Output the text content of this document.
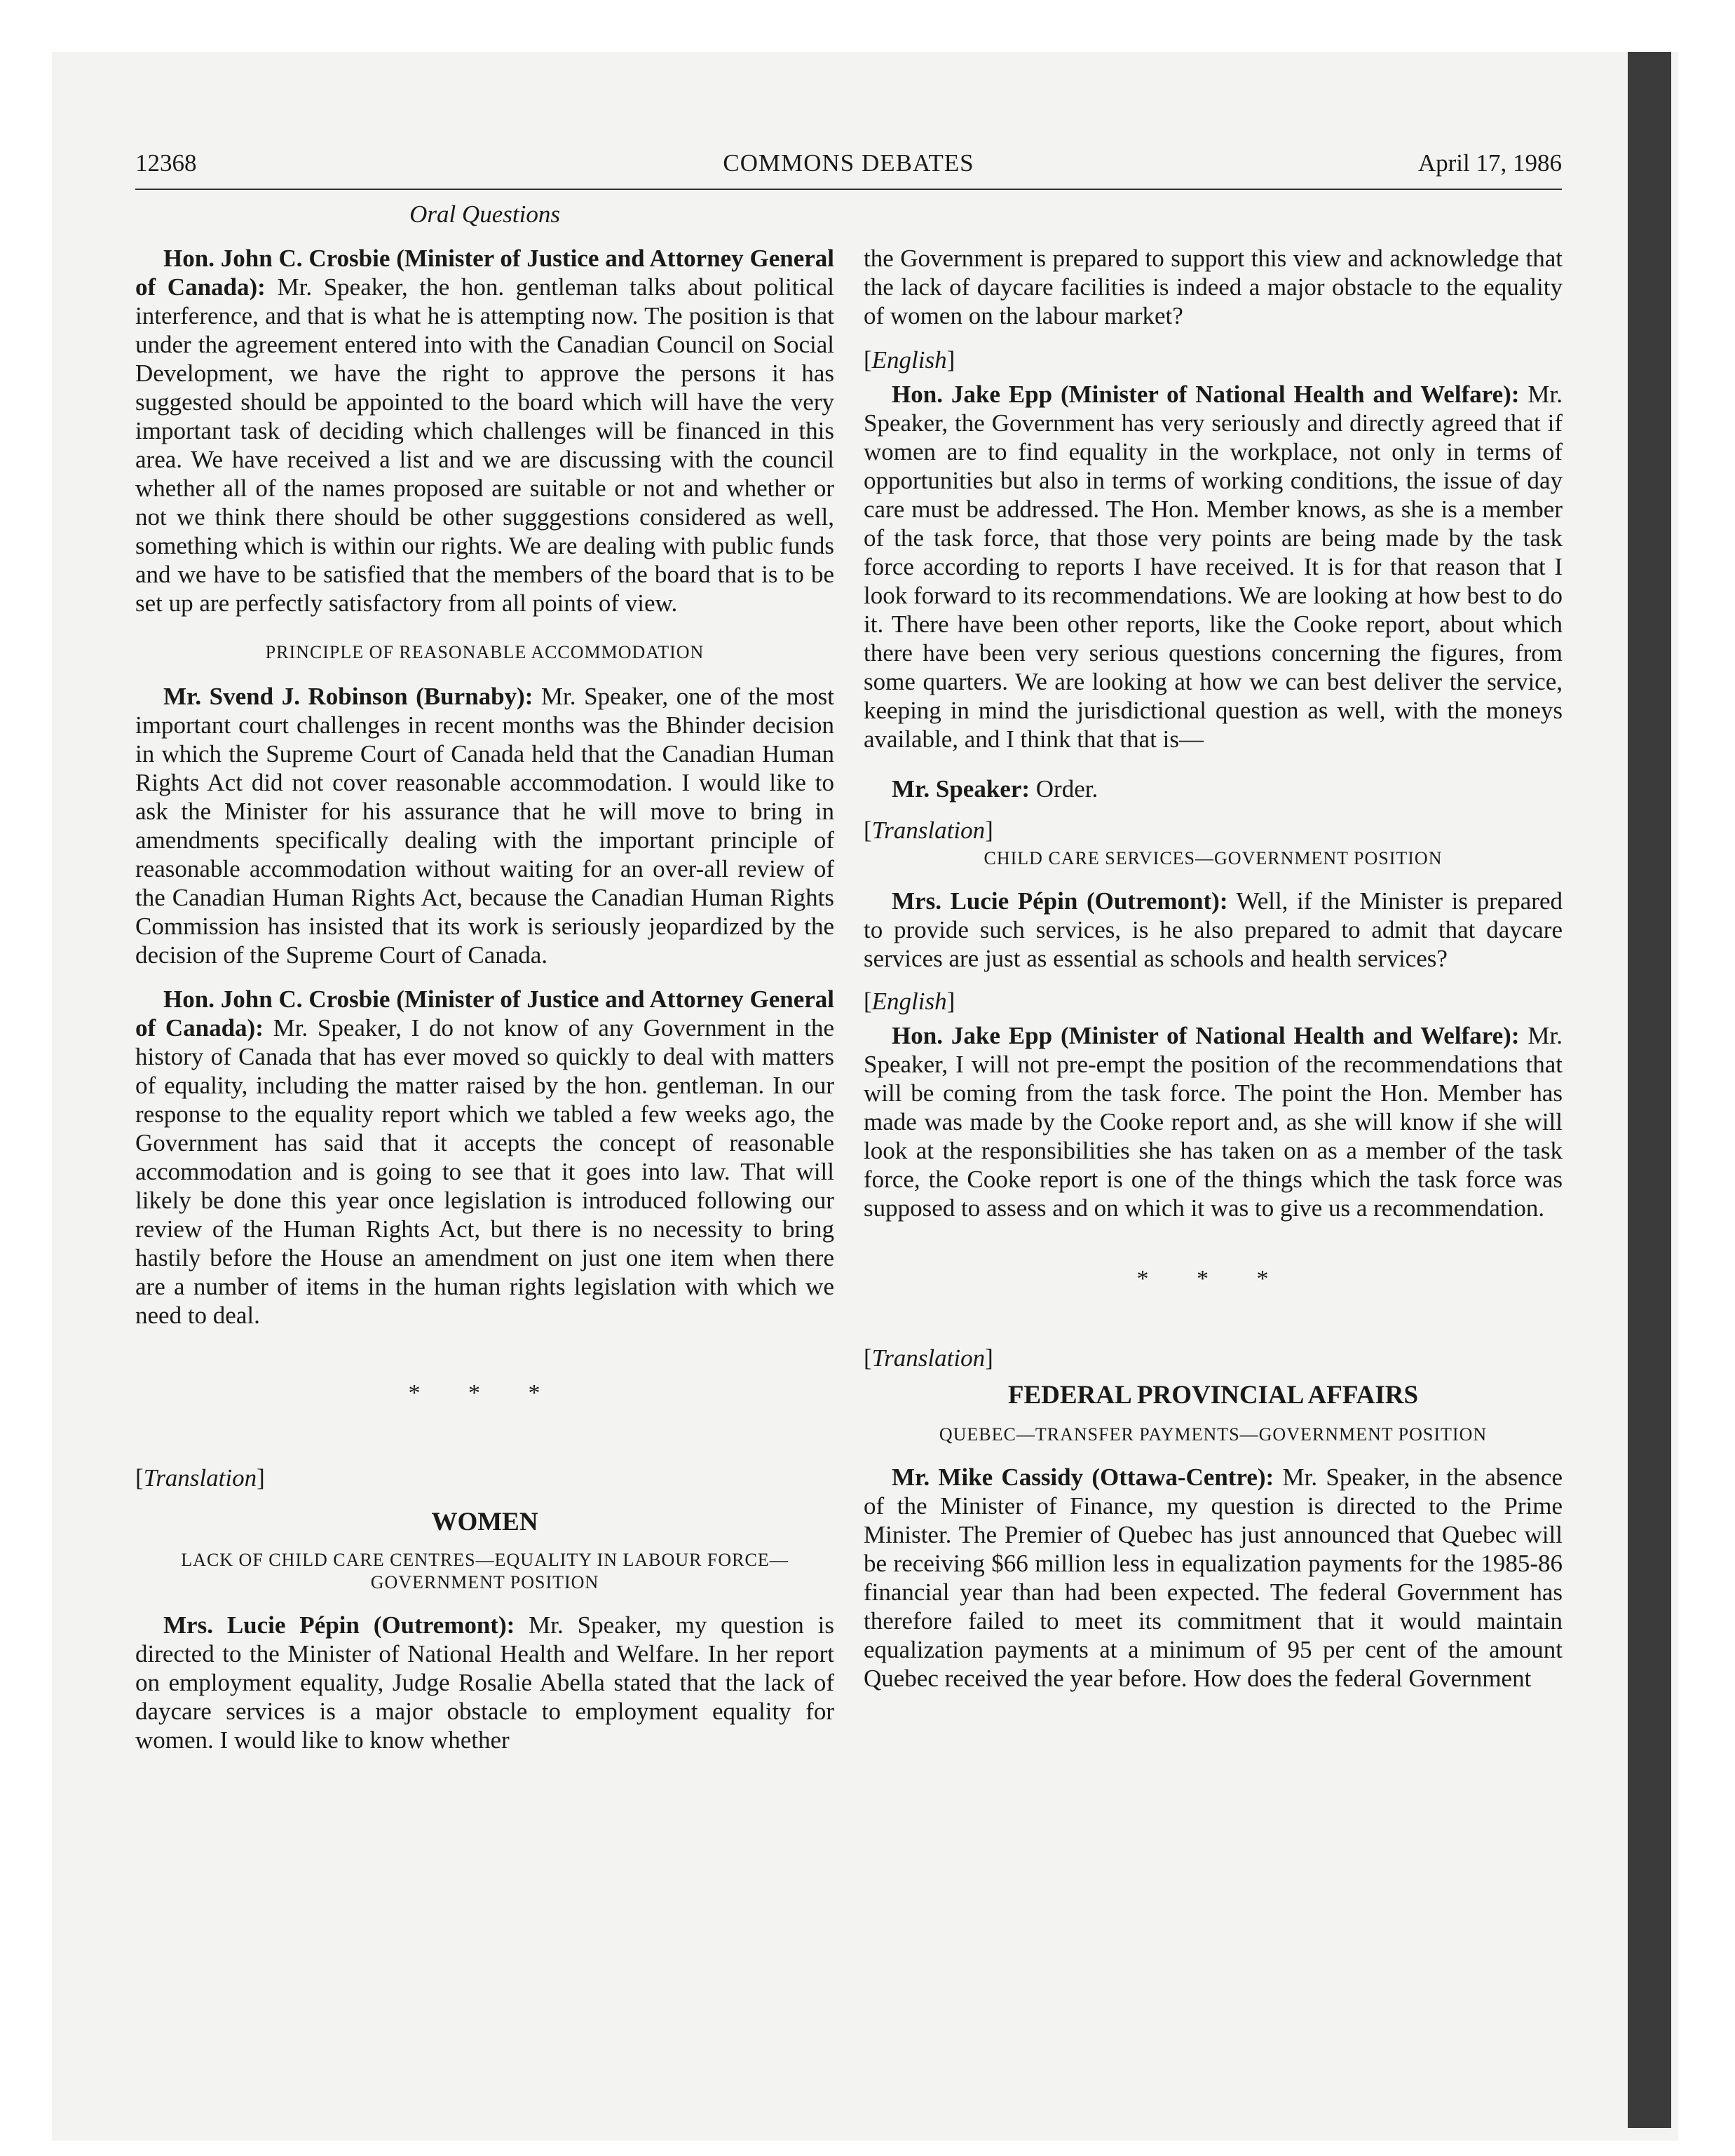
12368	COMMONS DEBATES	April 17, 1986
Oral Questions

Hon. John C. Crosbie (Minister of Justice and Attorney General of Canada): Mr. Speaker, the hon. gentleman talks about political interference, and that is what he is attempting now. The position is that under the agreement entered into with the Canadian Council on Social Development, we have the right to approve the persons it has suggested should be appointed to the board which will have the very important task of deciding which challenges will be financed in this area. We have received a list and we are discussing with the council whether all of the names proposed are suitable or not and whether or not we think there should be other sugggestions considered as well, something which is within our rights. We are dealing with public funds and we have to be satisfied that the members of the board that is to be set up are perfectly satisfactory from all points of view.

PRINCIPLE OF REASONABLE ACCOMMODATION

Mr. Svend J. Robinson (Burnaby): Mr. Speaker, one of the most important court challenges in recent months was the Bhinder decision in which the Supreme Court of Canada held that the Canadian Human Rights Act did not cover reasonable accommodation. I would like to ask the Minister for his assurance that he will move to bring in amendments specifically dealing with the important principle of reasonable accommodation without waiting for an over-all review of the Canadian Human Rights Act, because the Canadian Human Rights Commission has insisted that its work is seriously jeopardized by the decision of the Supreme Court of Canada.

Hon. John C. Crosbie (Minister of Justice and Attorney General of Canada): Mr. Speaker, I do not know of any Government in the history of Canada that has ever moved so quickly to deal with matters of equality, including the matter raised by the hon. gentleman. In our response to the equality report which we tabled a few weeks ago, the Government has said that it accepts the concept of reasonable accommodation and is going to see that it goes into law. That will likely be done this year once legislation is introduced following our review of the Human Rights Act, but there is no necessity to bring hastily before the House an amendment on just one item when there are a number of items in the human rights legislation with which we need to deal.

* * *
[Translation]
WOMEN
LACK OF CHILD CARE CENTRES—EQUALITY IN LABOUR FORCE—GOVERNMENT POSITION

Mrs. Lucie Pépin (Outremont): Mr. Speaker, my question is directed to the Minister of National Health and Welfare. In her report on employment equality, Judge Rosalie Abella stated that the lack of daycare services is a major obstacle to employment equality for women. I would like to know whether

the Government is prepared to support this view and acknowledge that the lack of daycare facilities is indeed a major obstacle to the equality of women on the labour market?

[English]

Hon. Jake Epp (Minister of National Health and Welfare): Mr. Speaker, the Government has very seriously and directly agreed that if women are to find equality in the workplace, not only in terms of opportunities but also in terms of working conditions, the issue of day care must be addressed. The Hon. Member knows, as she is a member of the task force, that those very points are being made by the task force according to reports I have received. It is for that reason that I look forward to its recommendations. We are looking at how best to do it. There have been other reports, like the Cooke report, about which there have been very serious questions concerning the figures, from some quarters. We are looking at how we can best deliver the service, keeping in mind the jurisdictional question as well, with the moneys available, and I think that that is—

Mr. Speaker: Order.

[Translation]
CHILD CARE SERVICES—GOVERNMENT POSITION

Mrs. Lucie Pépin (Outremont): Well, if the Minister is prepared to provide such services, is he also prepared to admit that daycare services are just as essential as schools and health services?

[English]

Hon. Jake Epp (Minister of National Health and Welfare): Mr. Speaker, I will not pre-empt the position of the recommendations that will be coming from the task force. The point the Hon. Member has made was made by the Cooke report and, as she will know if she will look at the responsibilities she has taken on as a member of the task force, the Cooke report is one of the things which the task force was supposed to assess and on which it was to give us a recommendation.

* * *
[Translation]
FEDERAL PROVINCIAL AFFAIRS
QUEBEC—TRANSFER PAYMENTS—GOVERNMENT POSITION

Mr. Mike Cassidy (Ottawa-Centre): Mr. Speaker, in the absence of the Minister of Finance, my question is directed to the Prime Minister. The Premier of Quebec has just announced that Quebec will be receiving $66 million less in equalization payments for the 1985-86 financial year than had been expected. The federal Government has therefore failed to meet its commitment that it would maintain equalization payments at a minimum of 95 per cent of the amount Quebec received the year before. How does the federal Government
